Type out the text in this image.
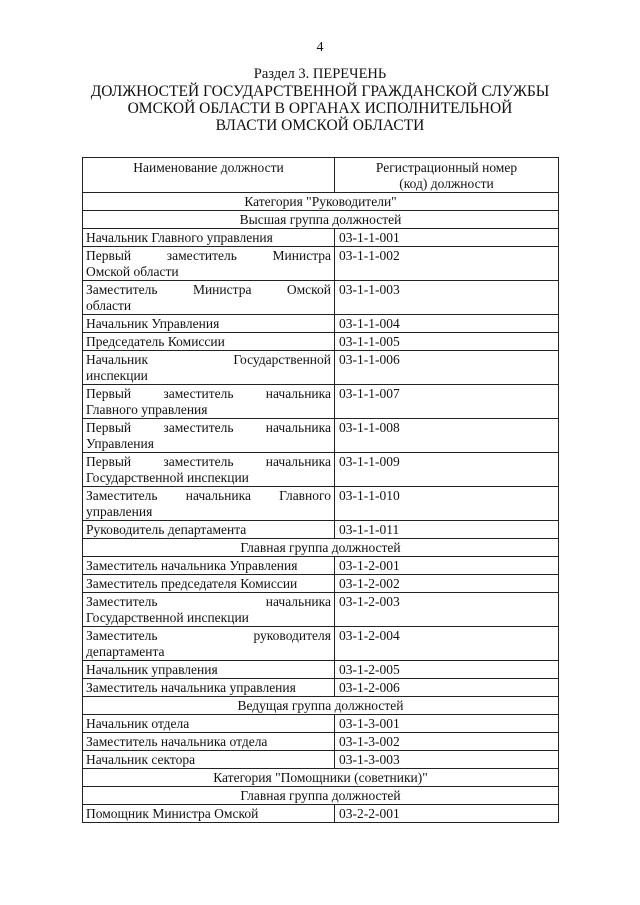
4
Раздел 3. ПЕРЕЧЕНЬ
ДОЛЖНОСТЕЙ ГОСУДАРСТВЕННОЙ ГРАЖДАНСКОЙ СЛУЖБЫ
ОМСКОЙ ОБЛАСТИ В ОРГАНАХ ИСПОЛНИТЕЛЬНОЙ
ВЛАСТИ ОМСКОЙ ОБЛАСТИ
Наименование должности	Регистрационный номер
(код) должности
Категория "Руководители"	
Высшая группа должностей	

Начальник Главного управления	03-1-1-001

Первый заместитель Министра
Омской области	03-1-1-002

Заместитель Министра Омской
области	03-1-1-003

Начальник Управления	03-1-1-004

Председатель Комиссии	03-1-1-005

Начальник Государственной
инспекции	03-1-1-006

Первый заместитель начальника
Главного управления	03-1-1-007

Первый заместитель начальника
Управления	03-1-1-008

Первый заместитель начальника
Государственной инспекции	03-1-1-009

Заместитель начальника Главного
управления	03-1-1-010

Руководитель департамента	03-1-1-011
Главная группа должностей	

Заместитель начальника Управления	03-1-2-001

Заместитель председателя Комиссии	03-1-2-002

Заместитель начальника
Государственной инспекции	03-1-2-003

Заместитель руководителя
департамента	03-1-2-004

Начальник управления	03-1-2-005

Заместитель начальника управления	03-1-2-006
Ведущая группа должностей	

Начальник отдела	03-1-3-001

Заместитель начальника отдела	03-1-3-002

Начальник сектора	03-1-3-003
Категория "Помощники (советники)"	
Главная группа должностей	

Помощник Министра Омской	03-2-2-001
